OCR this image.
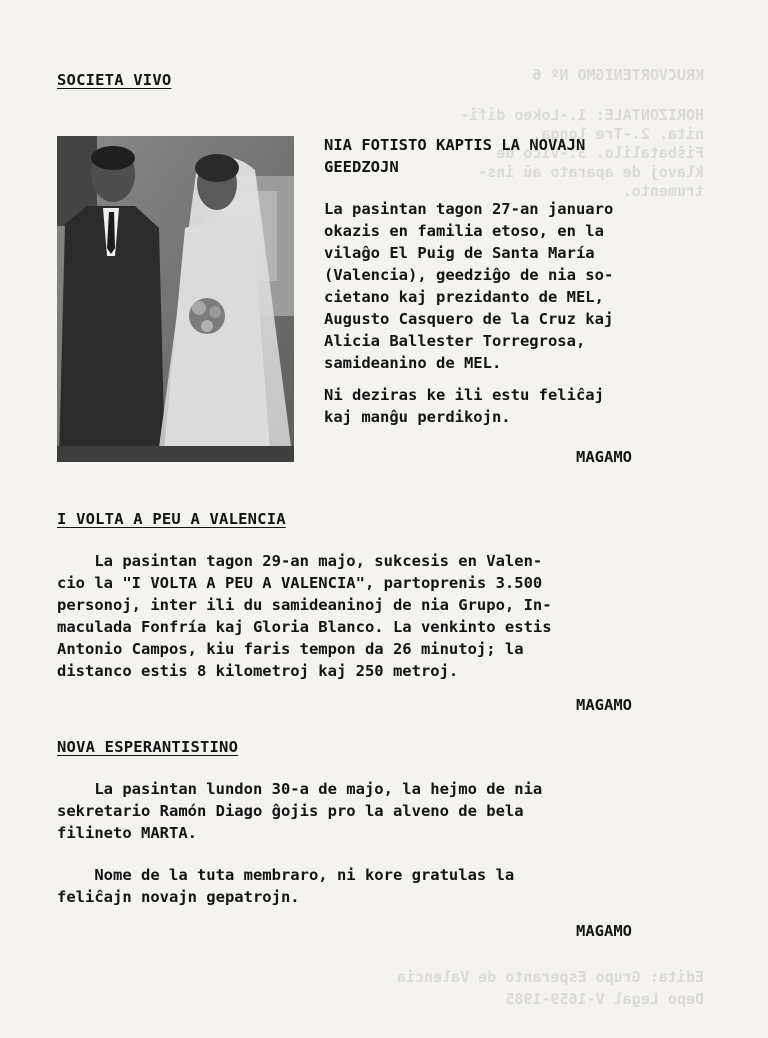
KRUCVORTENIGMO Nº 6
HORIZONTALE: 1.-Lokeo difi-
nita. 2.-Tre longa.
Fiŝbatalilo. 3.-Vico de
klavoj de aparato aŭ ins-
trumento.
Edita: Grupo Esperanto de Valencia
Depo Legal V-1659-1985
SOCIETA VIVO
NIA FOTISTO KAPTIS LA NOVAJN
GEEDZOJN
La pasintan tagon 27-an januaro
okazis en familia etoso, en la
vilaĝo El Puig de Santa María
(Valencia), geedziĝo de nia so-
cietano kaj prezidanto de MEL,
Augusto Casquero de la Cruz kaj
Alicia Ballester Torregrosa,
samideanino de MEL.
Ni deziras ke ili estu feliĉaj
kaj manĝu perdikojn.
MAGAMO
I VOLTA A PEU A VALENCIA
La pasintan tagon 29-an majo, sukcesis en Valen-
cio la "I VOLTA A PEU A VALENCIA", partoprenis 3.500
personoj, inter ili du samideaninoj de nia Grupo, In-
maculada Fonfría kaj Gloria Blanco. La venkinto estis
Antonio Campos, kiu faris tempon da 26 minutoj; la
distanco estis 8 kilometroj kaj 250 metroj.
MAGAMO
NOVA ESPERANTISTINO
La pasintan lundon 30-a de majo, la hejmo de nia
sekretario Ramón Diago ĝojis pro la alveno de bela
filineto MARTA.
Nome de la tuta membraro, ni kore gratulas la
feliĉajn novajn gepatrojn.
MAGAMO
